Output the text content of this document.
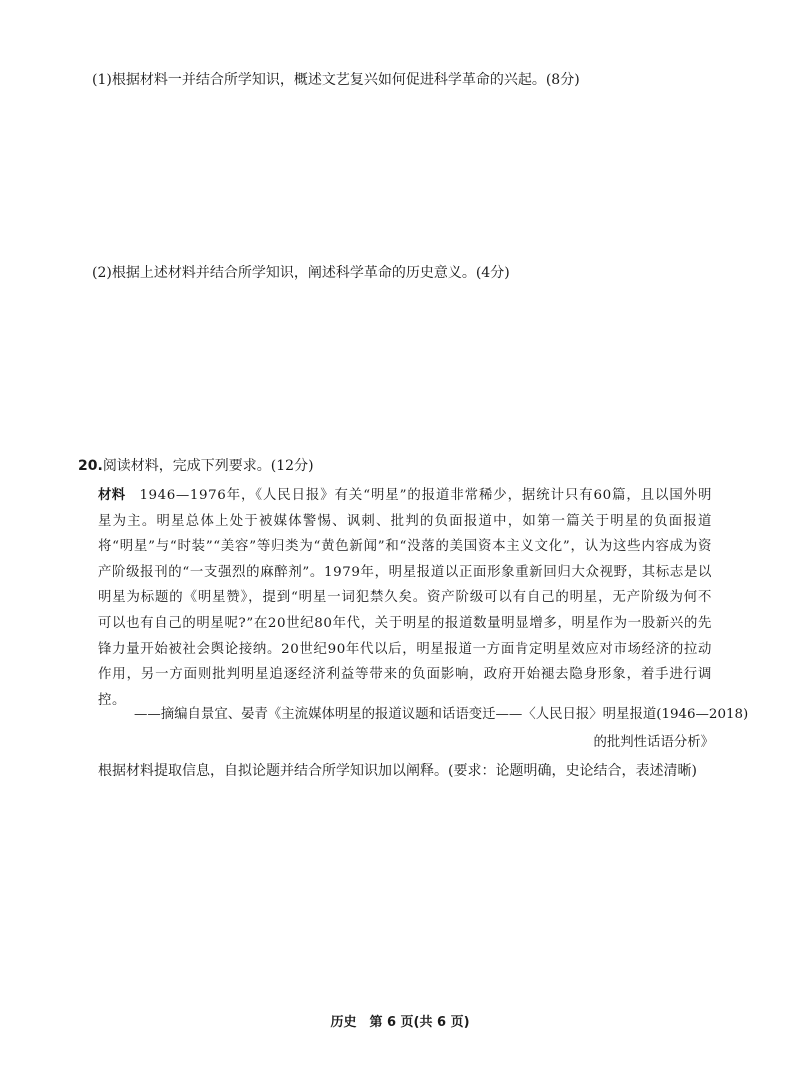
(1)根据材料一并结合所学知识，概述文艺复兴如何促进科学革命的兴起。(8分)
(2)根据上述材料并结合所学知识，阐述科学革命的历史意义。(4分)
20.阅读材料，完成下列要求。(12分)
材料 1946—1976年，《人民日报》有关“明星”的报道非常稀少，据统计只有60篇，且以国外明星为主。明星总体上处于被媒体警惕、讽刺、批判的负面报道中，如第一篇关于明星的负面报道将“明星”与“时装”“美容”等归类为“黄色新闻”和“没落的美国资本主义文化”，认为这些内容成为资产阶级报刊的“一支强烈的麻醉剂”。1979年，明星报道以正面形象重新回归大众视野，其标志是以明星为标题的《明星赞》，提到“明星一词犯禁久矣。资产阶级可以有自己的明星，无产阶级为何不可以也有自己的明星呢?”在20世纪80年代，关于明星的报道数量明显增多，明星作为一股新兴的先锋力量开始被社会舆论接纳。20世纪90年代以后，明星报道一方面肯定明星效应对市场经济的拉动作用，另一方面则批判明星追逐经济利益等带来的负面影响，政府开始褪去隐身形象，着手进行调控。
——摘编自景宜、晏青《主流媒体明星的报道议题和话语变迁——〈人民日报〉明星报道(1946—2018)
的批判性话语分析》
根据材料提取信息，自拟论题并结合所学知识加以阐释。(要求：论题明确，史论结合，表述清晰)
历史　第 6 页(共 6 页)
